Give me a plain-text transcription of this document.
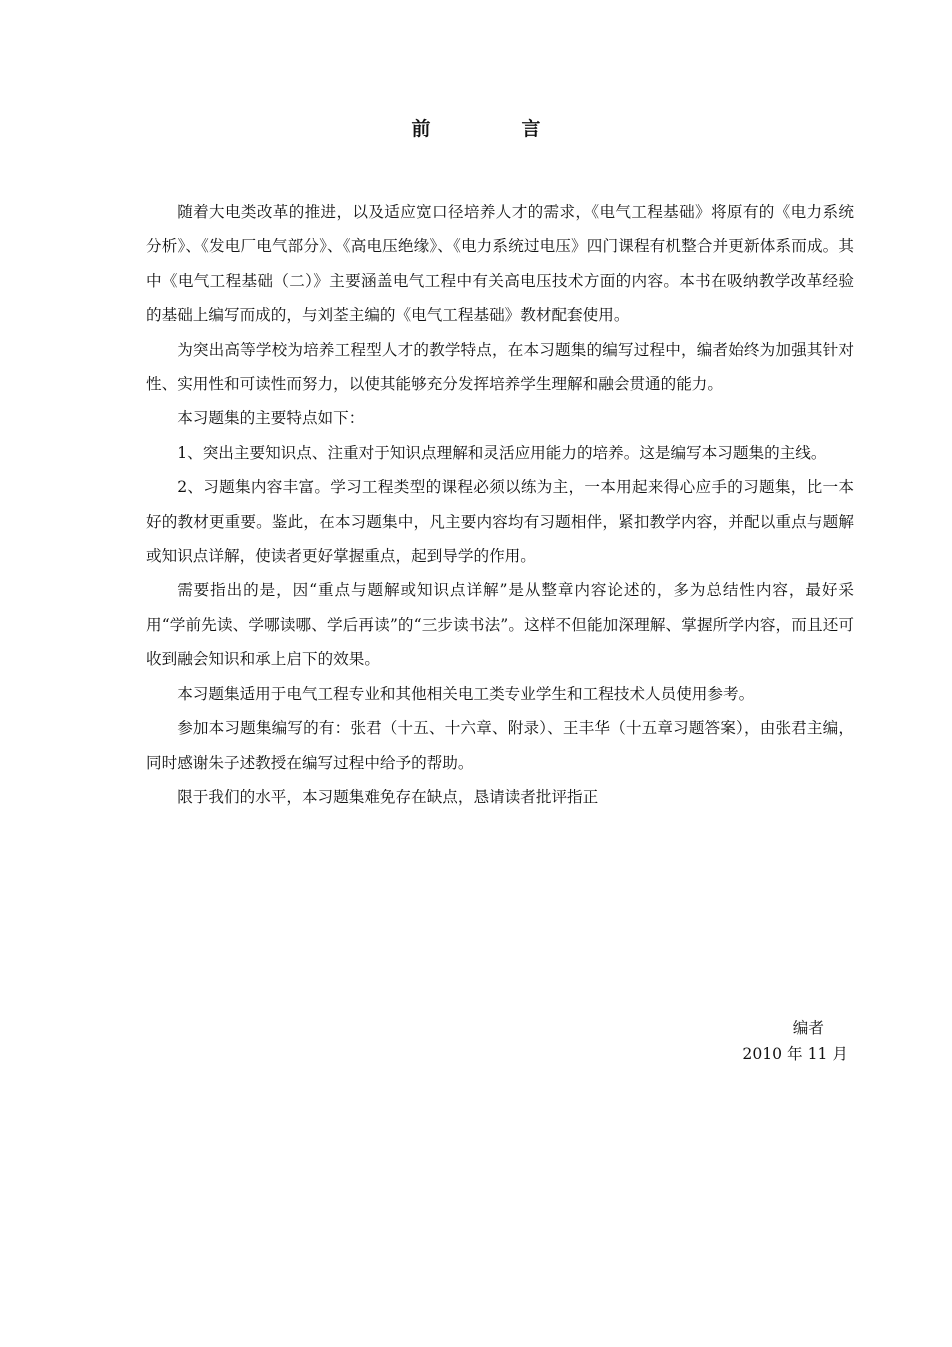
前　言

随着大电类改革的推进，以及适应宽口径培养人才的需求，《电气工程基础》将原有的《电力系统分析》、《发电厂电气部分》、《高电压绝缘》、《电力系统过电压》四门课程有机整合并更新体系而成。其中《电气工程基础（二）》主要涵盖电气工程中有关高电压技术方面的内容。本书在吸纳教学改革经验的基础上编写而成的，与刘荃主编的《电气工程基础》教材配套使用。

为突出高等学校为培养工程型人才的教学特点，在本习题集的编写过程中，编者始终为加强其针对性、实用性和可读性而努力，以使其能够充分发挥培养学生理解和融会贯通的能力。

本习题集的主要特点如下：

1、突出主要知识点、注重对于知识点理解和灵活应用能力的培养。这是编写本习题集的主线。

2、习题集内容丰富。学习工程类型的课程必须以练为主，一本用起来得心应手的习题集，比一本好的教材更重要。鉴此，在本习题集中，凡主要内容均有习题相伴，紧扣教学内容，并配以重点与题解或知识点详解，使读者更好掌握重点，起到导学的作用。

需要指出的是，因“重点与题解或知识点详解”是从整章内容论述的，多为总结性内容，最好采用“学前先读、学哪读哪、学后再读”的“三步读书法”。这样不但能加深理解、掌握所学内容，而且还可收到融会知识和承上启下的效果。

本习题集适用于电气工程专业和其他相关电工类专业学生和工程技术人员使用参考。

参加本习题集编写的有：张君（十五、十六章、附录）、王丰华（十五章习题答案），由张君主编，同时感谢朱子述教授在编写过程中给予的帮助。

限于我们的水平，本习题集难免存在缺点，恳请读者批评指正

编者
2010 年 11 月
